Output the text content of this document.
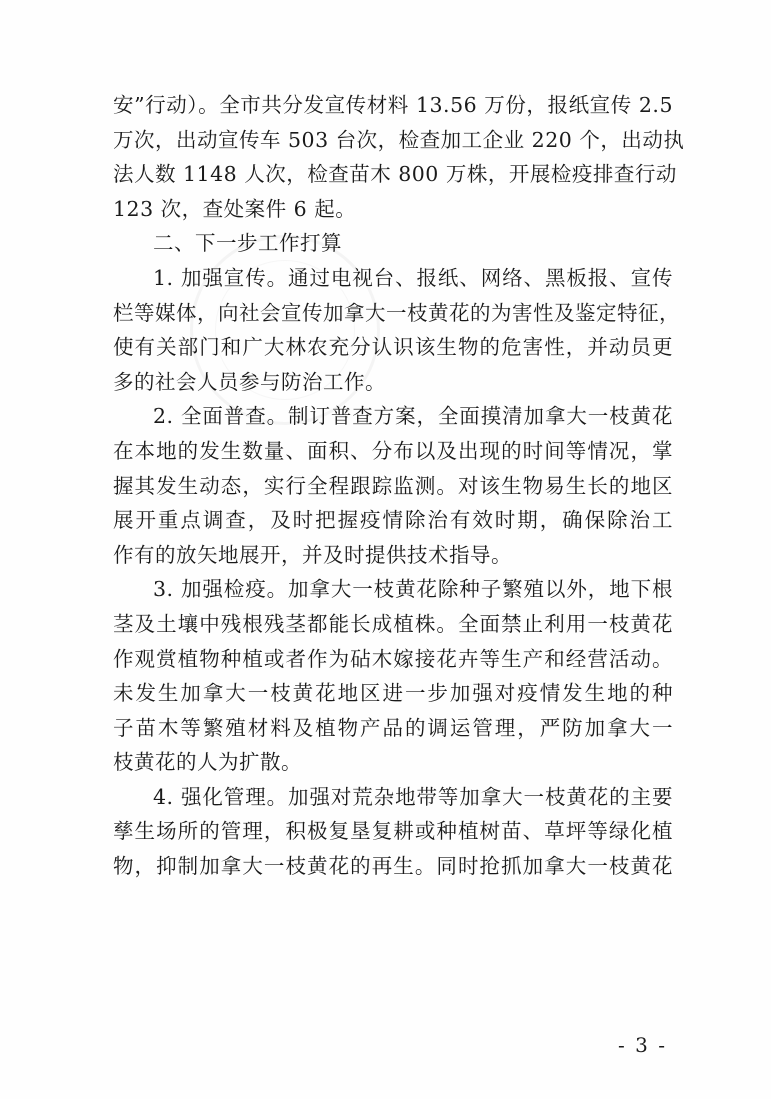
安”行动）。全市共分发宣传材料 13.56 万份，报纸宣传 2.5
万次，出动宣传车 503 台次，检查加工企业 220 个，出动执
法人数 1148 人次，检查苗木 800 万株，开展检疫排查行动
123 次，查处案件 6 起。
二、下一步工作打算
1. 加强宣传。通过电视台、报纸、网络、黑板报、宣传
栏等媒体，向社会宣传加拿大一枝黄花的为害性及鉴定特征，
使有关部门和广大林农充分认识该生物的危害性，并动员更
多的社会人员参与防治工作。
2. 全面普查。制订普查方案，全面摸清加拿大一枝黄花
在本地的发生数量、面积、分布以及出现的时间等情况，掌
握其发生动态，实行全程跟踪监测。对该生物易生长的地区
展开重点调查，及时把握疫情除治有效时期，确保除治工
作有的放矢地展开，并及时提供技术指导。
3. 加强检疫。加拿大一枝黄花除种子繁殖以外，地下根
茎及土壤中残根残茎都能长成植株。全面禁止利用一枝黄花
作观赏植物种植或者作为砧木嫁接花卉等生产和经营活动。
未发生加拿大一枝黄花地区进一步加强对疫情发生地的种
子苗木等繁殖材料及植物产品的调运管理，严防加拿大一
枝黄花的人为扩散。
4. 强化管理。加强对荒杂地带等加拿大一枝黄花的主要
孳生场所的管理，积极复垦复耕或种植树苗、草坪等绿化植
物，抑制加拿大一枝黄花的再生。同时抢抓加拿大一枝黄花
- 3 -
